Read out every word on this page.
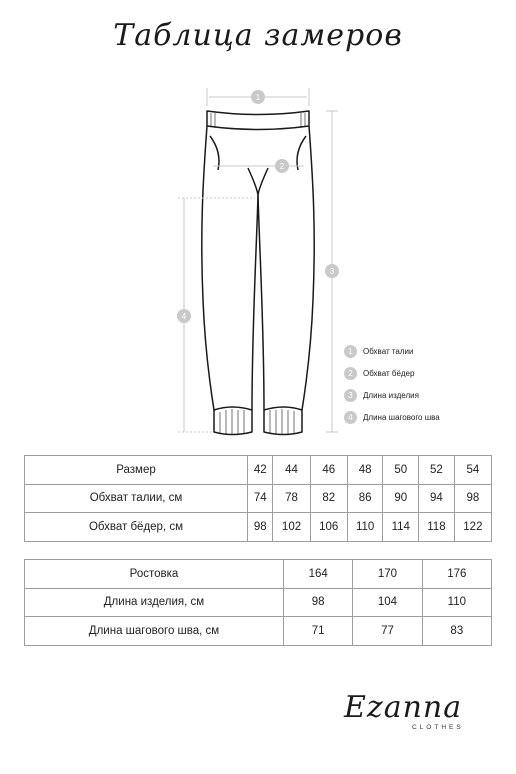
Таблица замеров
1
2
3
4
1	Обхват талии
2	Обхват бёдер
3	Длина изделия
4	Длина шагового шва
Размер	42	44	46	48	50	52	54
Обхват талии, см	74	78	82	86	90	94	98
Обхват бёдер, см	98	102	106	110	114	118	122
Ростовка	164	170	176
Длина изделия, см	98	104	110
Длина шагового шва, см	71	77	83
Ezanna
CLOTHES
